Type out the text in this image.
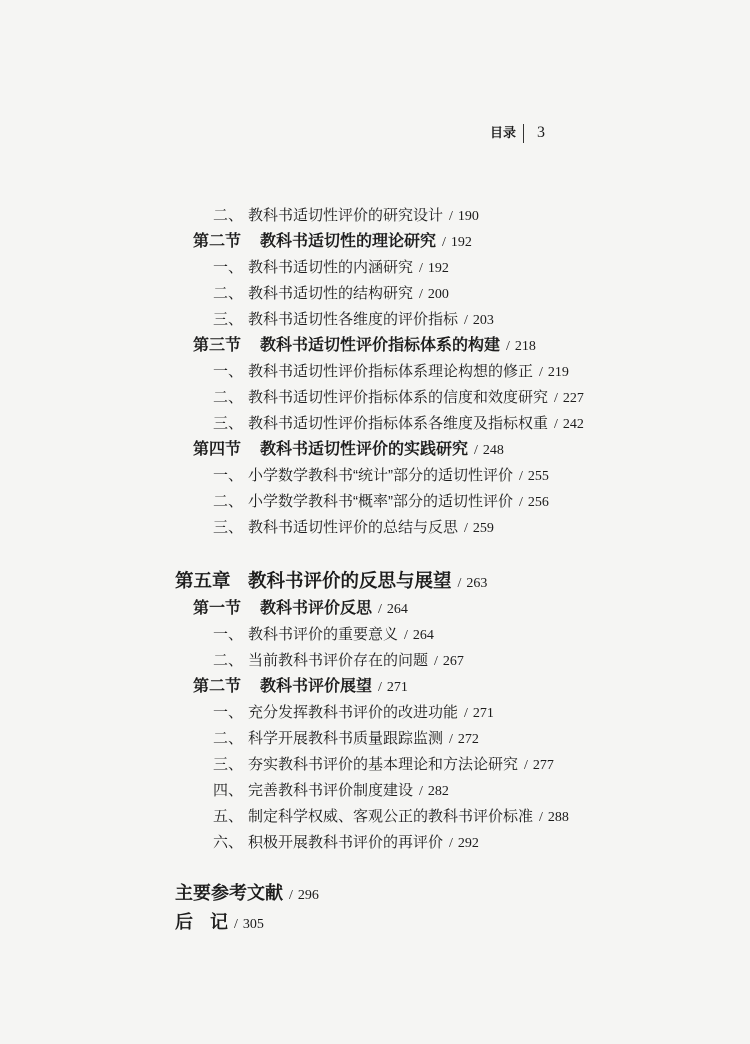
目录 3
二、 教科书适切性评价的研究设计 / 190
第二节 教科书适切性的理论研究 / 192
一、 教科书适切性的内涵研究 / 192
二、 教科书适切性的结构研究 / 200
三、 教科书适切性各维度的评价指标 / 203
第三节 教科书适切性评价指标体系的构建 / 218
一、 教科书适切性评价指标体系理论构想的修正 / 219
二、 教科书适切性评价指标体系的信度和效度研究 / 227
三、 教科书适切性评价指标体系各维度及指标权重 / 242
第四节 教科书适切性评价的实践研究 / 248
一、 小学数学教科书“统计”部分的适切性评价 / 255
二、 小学数学教科书“概率”部分的适切性评价 / 256
三、 教科书适切性评价的总结与反思 / 259
第五章 教科书评价的反思与展望 / 263
第一节 教科书评价反思 / 264
一、 教科书评价的重要意义 / 264
二、 当前教科书评价存在的问题 / 267
第二节 教科书评价展望 / 271
一、 充分发挥教科书评价的改进功能 / 271
二、 科学开展教科书质量跟踪监测 / 272
三、 夯实教科书评价的基本理论和方法论研究 / 277
四、 完善教科书评价制度建设 / 282
五、 制定科学权威、客观公正的教科书评价标准 / 288
六、 积极开展教科书评价的再评价 / 292
主要参考文献 / 296
后 记 / 305
